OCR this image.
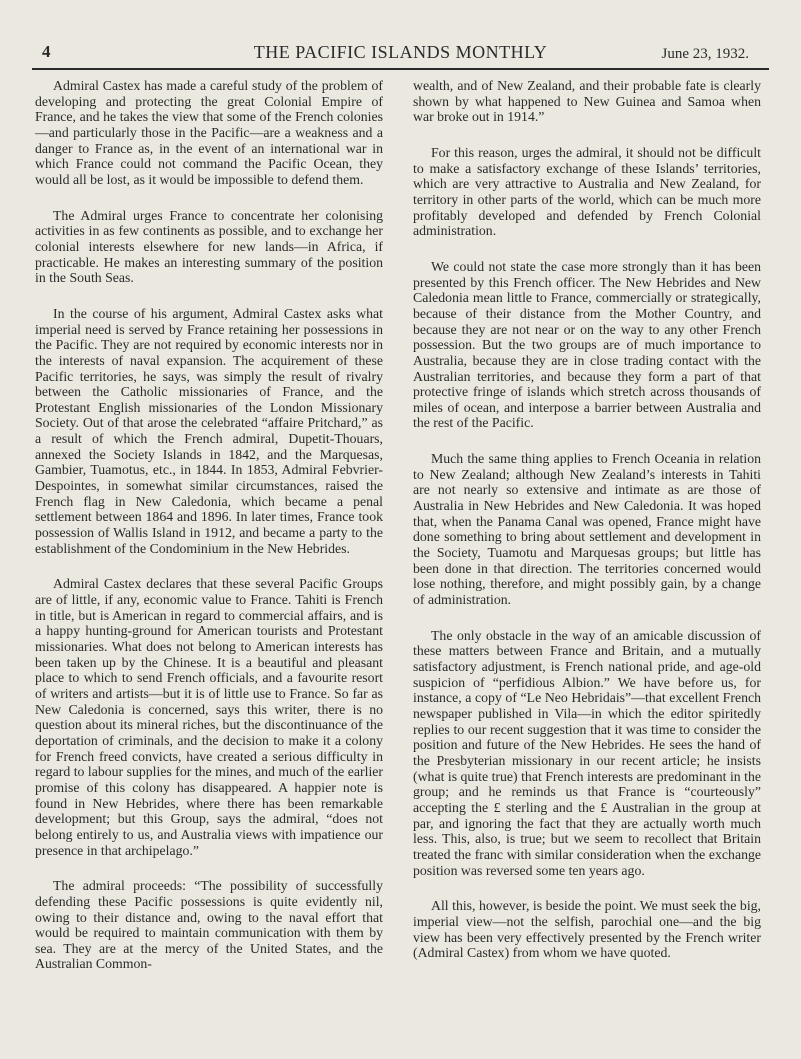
4	THE PACIFIC ISLANDS MONTHLY	June 23, 1932.

Admiral Castex has made a careful study of the problem of developing and protecting the great Colonial Empire of France, and he takes the view that some of the French colonies—and particularly those in the Pacific—are a weakness and a danger to France as, in the event of an international war in which France could not command the Pacific Ocean, they would all be lost, as it would be impossible to defend them.

The Admiral urges France to concentrate her colonising activities in as few continents as possible, and to exchange her colonial interests elsewhere for new lands—in Africa, if practicable. He makes an interesting summary of the position in the South Seas.

In the course of his argument, Admiral Castex asks what imperial need is served by France retaining her possessions in the Pacific. They are not required by economic interests nor in the interests of naval expansion. The acquirement of these Pacific territories, he says, was simply the result of rivalry between the Catholic missionaries of France, and the Protestant English missionaries of the London Missionary Society. Out of that arose the celebrated “affaire Pritchard,” as a result of which the French admiral, Dupetit-Thouars, annexed the Society Islands in 1842, and the Marquesas, Gambier, Tuamotus, etc., in 1844. In 1853, Admiral Febvrier-Despointes, in somewhat similar circumstances, raised the French flag in New Caledonia, which became a penal settlement between 1864 and 1896. In later times, France took possession of Wallis Island in 1912, and became a party to the establishment of the Condominium in the New Hebrides.

Admiral Castex declares that these several Pacific Groups are of little, if any, economic value to France. Tahiti is French in title, but is American in regard to commercial affairs, and is a happy hunting-ground for American tourists and Protestant missionaries. What does not belong to American interests has been taken up by the Chinese. It is a beautiful and pleasant place to which to send French officials, and a favourite resort of writers and artists—but it is of little use to France. So far as New Caledonia is concerned, says this writer, there is no question about its mineral riches, but the discontinuance of the deportation of criminals, and the decision to make it a colony for French freed convicts, have created a serious difficulty in regard to labour supplies for the mines, and much of the earlier promise of this colony has disappeared. A happier note is found in New Hebrides, where there has been remarkable development; but this Group, says the admiral, “does not belong entirely to us, and Australia views with impatience our presence in that archipelago.”

The admiral proceeds: “The possibility of successfully defending these Pacific possessions is quite evidently nil, owing to their distance and, owing to the naval effort that would be required to maintain communication with them by sea. They are at the mercy of the United States, and the Australian Common-

wealth, and of New Zealand, and their probable fate is clearly shown by what happened to New Guinea and Samoa when war broke out in 1914.”

For this reason, urges the admiral, it should not be difficult to make a satisfactory exchange of these Islands’ territories, which are very attractive to Australia and New Zealand, for territory in other parts of the world, which can be much more profitably developed and defended by French Colonial administration.

We could not state the case more strongly than it has been presented by this French officer. The New Hebrides and New Caledonia mean little to France, commercially or strategically, because of their distance from the Mother Country, and because they are not near or on the way to any other French possession. But the two groups are of much importance to Australia, because they are in close trading contact with the Australian territories, and because they form a part of that protective fringe of islands which stretch across thousands of miles of ocean, and interpose a barrier between Australia and the rest of the Pacific.

Much the same thing applies to French Oceania in relation to New Zealand; although New Zealand’s interests in Tahiti are not nearly so extensive and intimate as are those of Australia in New Hebrides and New Caledonia. It was hoped that, when the Panama Canal was opened, France might have done something to bring about settlement and development in the Society, Tuamotu and Marquesas groups; but little has been done in that direction. The territories concerned would lose nothing, therefore, and might possibly gain, by a change of administration.

The only obstacle in the way of an amicable discussion of these matters between France and Britain, and a mutually satisfactory adjustment, is French national pride, and age-old suspicion of “perfidious Albion.” We have before us, for instance, a copy of “Le Neo Hebridais”—that excellent French newspaper published in Vila—in which the editor spiritedly replies to our recent suggestion that it was time to consider the position and future of the New Hebrides. He sees the hand of the Presbyterian missionary in our recent article; he insists (what is quite true) that French interests are predominant in the group; and he reminds us that France is “courteously” accepting the £ sterling and the £ Australian in the group at par, and ignoring the fact that they are actually worth much less. This, also, is true; but we seem to recollect that Britain treated the franc with similar consideration when the exchange position was reversed some ten years ago.

All this, however, is beside the point. We must seek the big, imperial view—not the selfish, parochial one—and the big view has been very effectively presented by the French writer (Admiral Castex) from whom we have quoted.
